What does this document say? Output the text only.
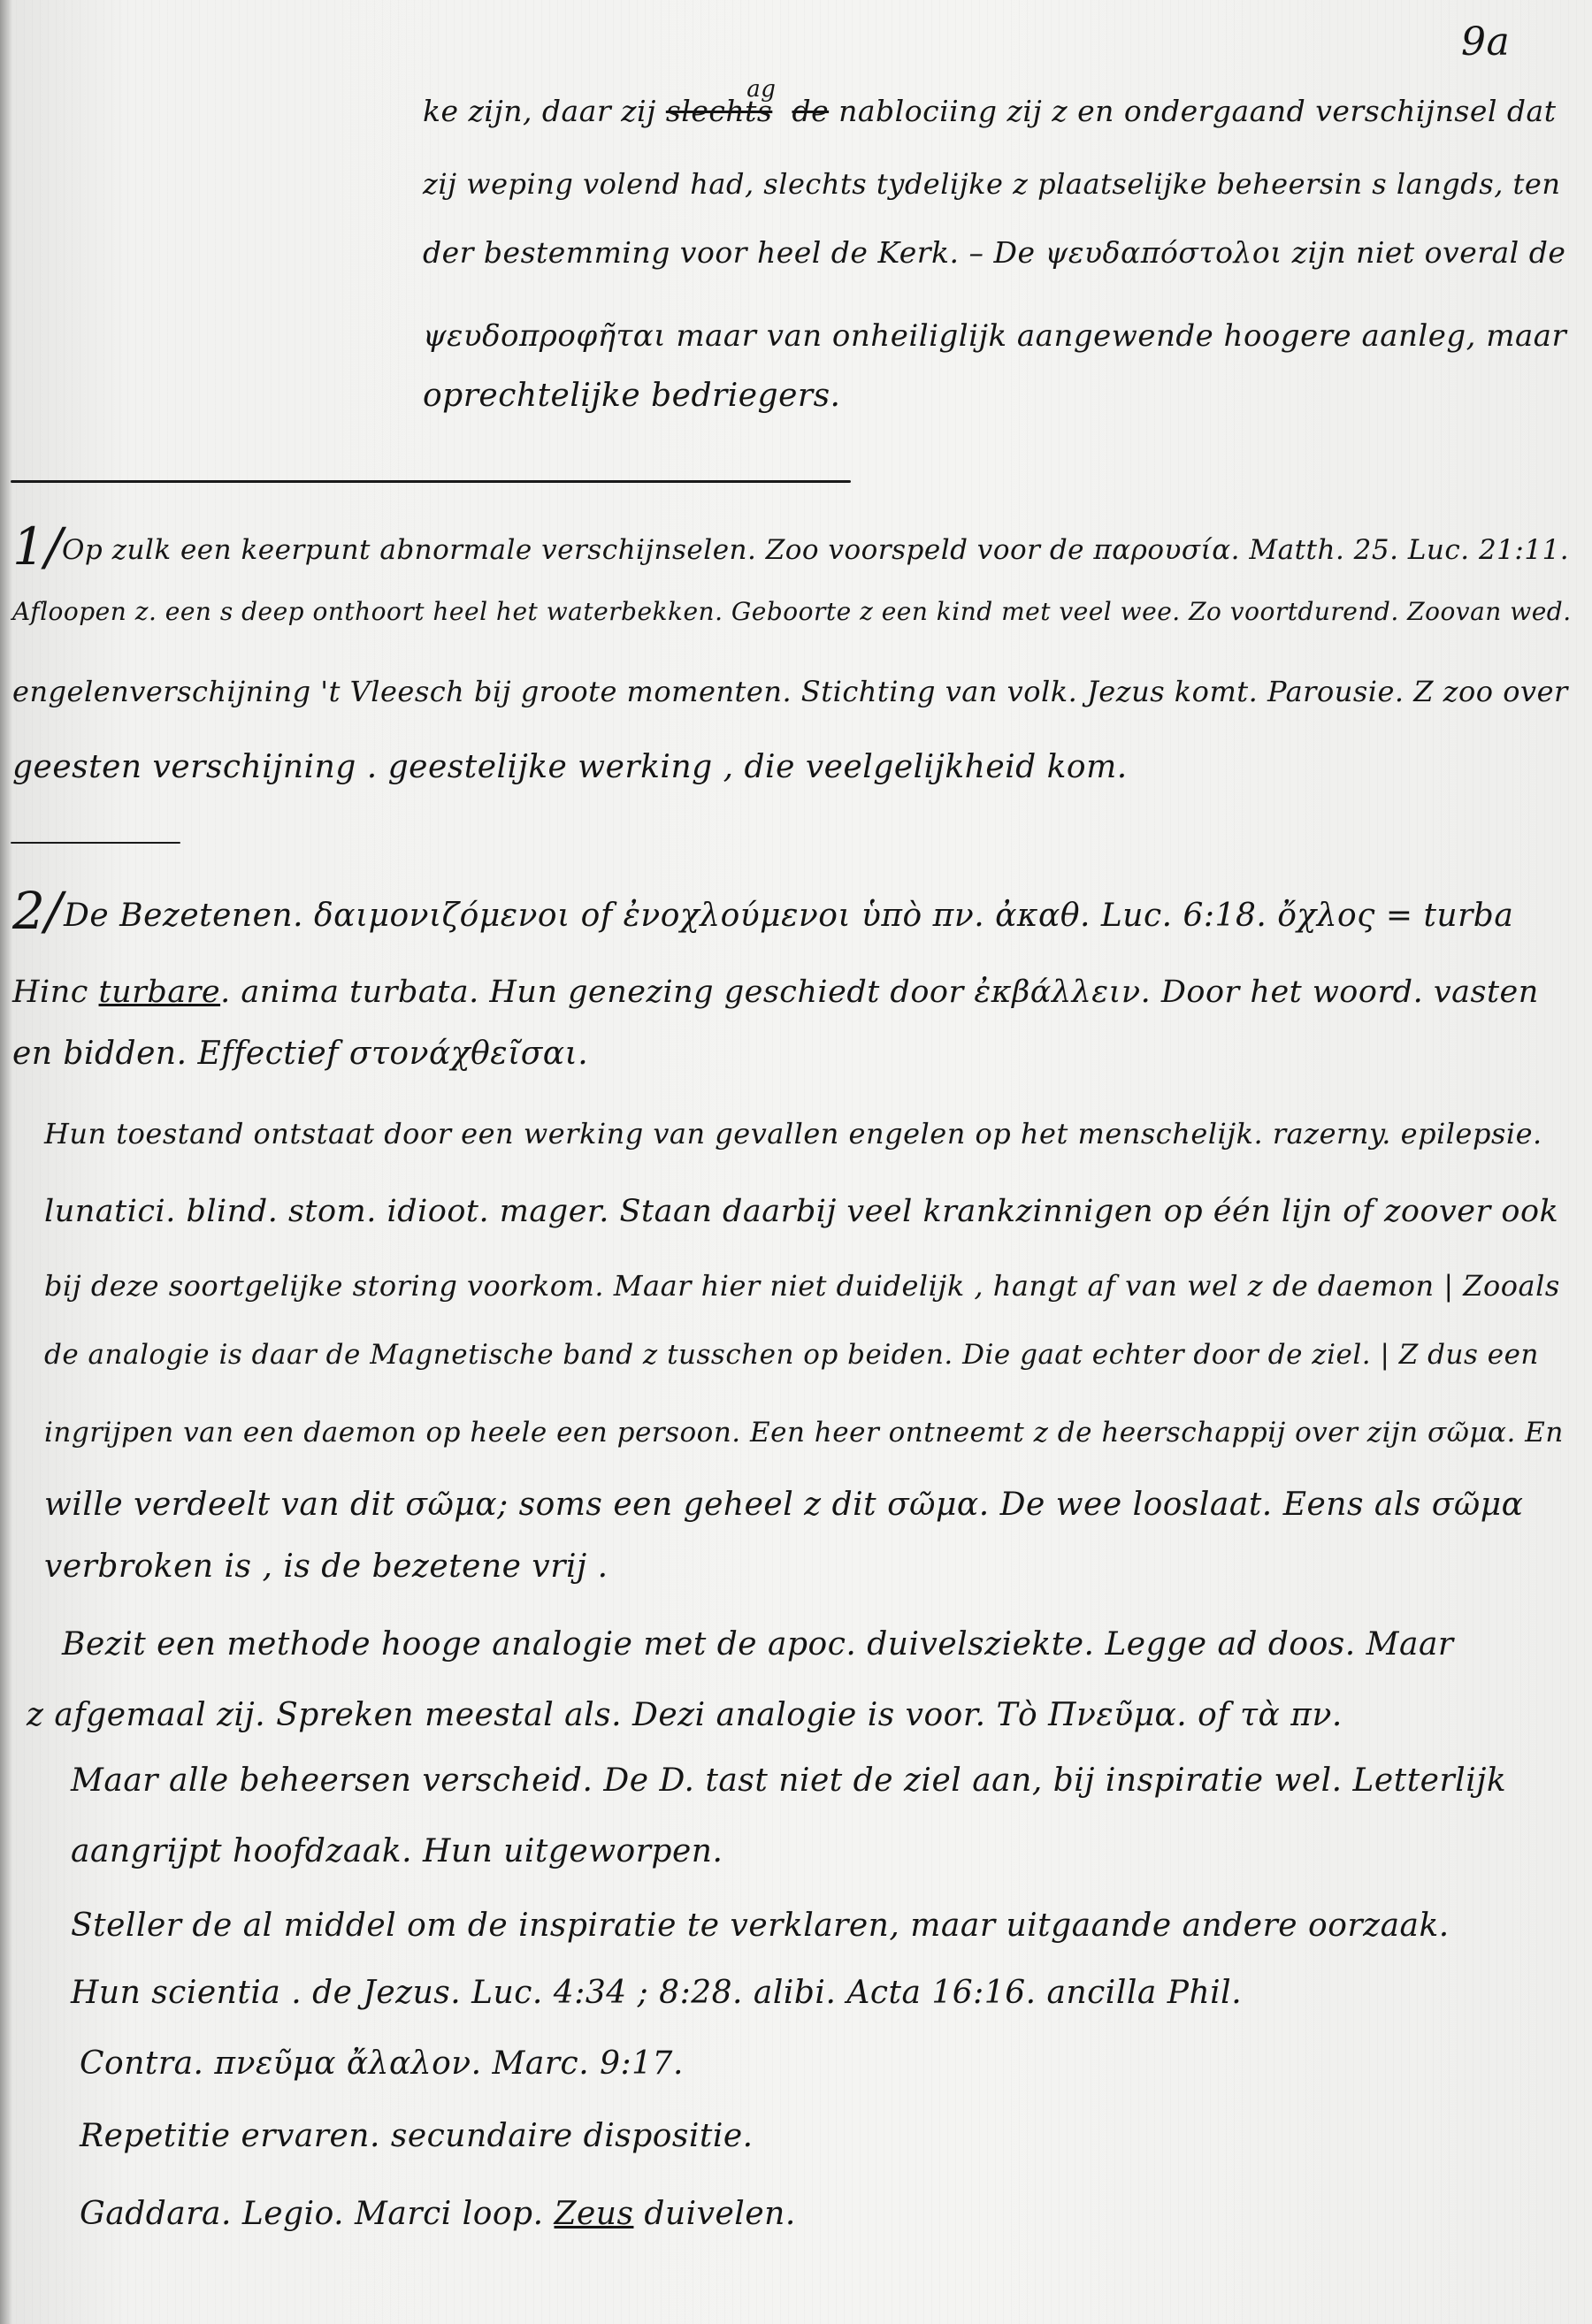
9a
ke zijn, daar zij slechts $^{ag}$de nablociing zij z en ondergaand verschijnsel dat
zij weping volend had, slechts tydelijke z plaatselijke beheersin s langds, ten
der bestemming voor heel de Kerk. – De ψευδαπόστολοι zijn niet overal de
ψευδοπροφῆται maar van onheiliglijk aangewende hoogere aanleg, maar
oprechtelijke bedriegers.
1/ Op zulk een keerpunt abnormale verschijnselen. Zoo voorspeld voor de παρουσία. Matth. 25. Luc. 21:11.
Afloopen z. een s deep onthoort heel het waterbekken. Geboorte z een kind met veel wee. Zo voortdurend. Zoovan wed.
engelenverschijning 't Vleesch bij groote momenten. Stichting van volk. Jezus komt. Parousie. Ζ zoo over
geesten verschijning . geestelijke werking , die veelgelijkheid kom.
2/ De Bezetenen. δαιμονιζόμενοι of ἐνοχλούμενοι ὑπὸ πν. ἀκαθ. Luc. 6:18. ὄχλος = turba
Hinc turbare. anima turbata. Hun genezing geschiedt door ἐκβάλλειν. Door het woord. vasten
en bidden. Effectief στονάχθεῖσαι.
Hun toestand ontstaat door een werking van gevallen engelen op het menschelijk. razerny. epilepsie.
lunatici. blind. stom. idioot. mager. Staan daarbij veel krankzinnigen op één lijn of zoover ook
bij deze soortgelijke storing voorkom. Maar hier niet duidelijk , hangt af van wel z de daemon | Zooals
de analogie is daar de Magnetische band z tusschen op beiden. Die gaat echter door de ziel. | Z dus een
ingrijpen van een daemon op heele een persoon. Een heer ontneemt z de heerschappij over zijn σῶμα. En
wille verdeelt van dit σῶμα; soms een geheel z dit σῶμα. De wee looslaat. Eens als σῶμα
verbroken is , is de bezetene vrij .
Bezit een methode hooge analogie met de apoc. duivelsziekte. Legge ad doos. Maar
z afgemaal zij. Spreken meestal als. Dezi analogie is voor. Τὸ Πνεῦμα. of τὰ πν.
Maar alle beheersen verscheid. De D. tast niet de ziel aan, bij inspiratie wel. Letterlijk
aangrijpt hoofdzaak. Hun uitgeworpen.
Steller de al middel om de inspiratie te verklaren, maar uitgaande andere oorzaak.
Hun scientia . de Jezus. Luc. 4:34 ; 8:28. alibi. Acta 16:16. ancilla Phil.
Contra. πνεῦμα ἄλαλον. Marc. 9:17.
Repetitie ervaren. secundaire dispositie.
Gaddara. Legio. Marci loop. Zeus duivelen.
